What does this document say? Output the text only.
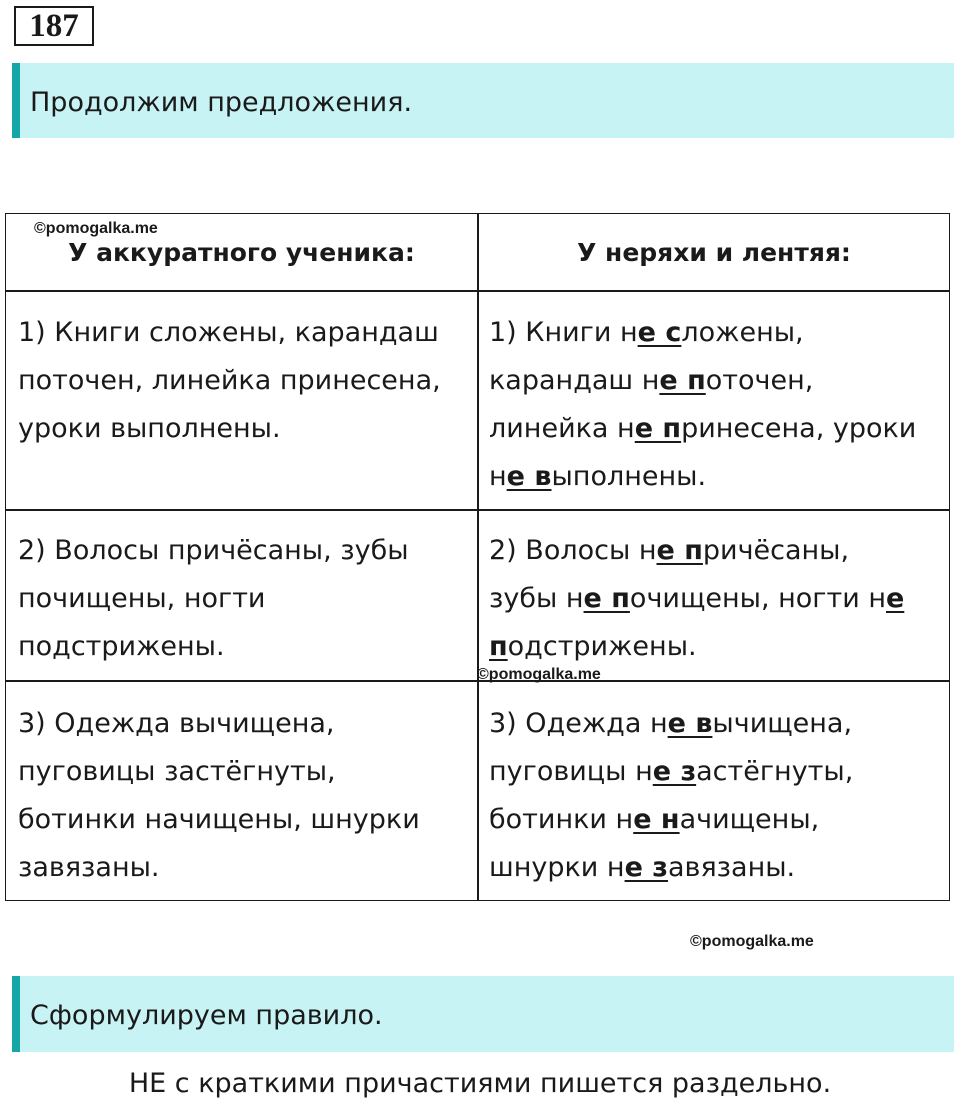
187
Продолжим предложения.
У аккуратного ученика:	У неряхи и лентяя:
1) Книги сложены, карандаш
поточен, линейка принесена,
уроки выполнены.
1) Книги не сложены,
карандаш не поточен,
линейка не принесена, уроки
не выполнены.
2) Волосы причёсаны, зубы
почищены, ногти
подстрижены.
2) Волосы не причёсаны,
зубы не почищены, ногти не
подстрижены.
3) Одежда вычищена,
пуговицы застёгнуты,
ботинки начищены, шнурки
завязаны.
3) Одежда не вычищена,
пуговицы не застёгнуты,
ботинки не начищены,
шнурки не завязаны.
©pomogalka.me
©pomogalka.me
©pomogalka.me
Сформулируем правило.
НЕ с краткими причастиями пишется раздельно.
